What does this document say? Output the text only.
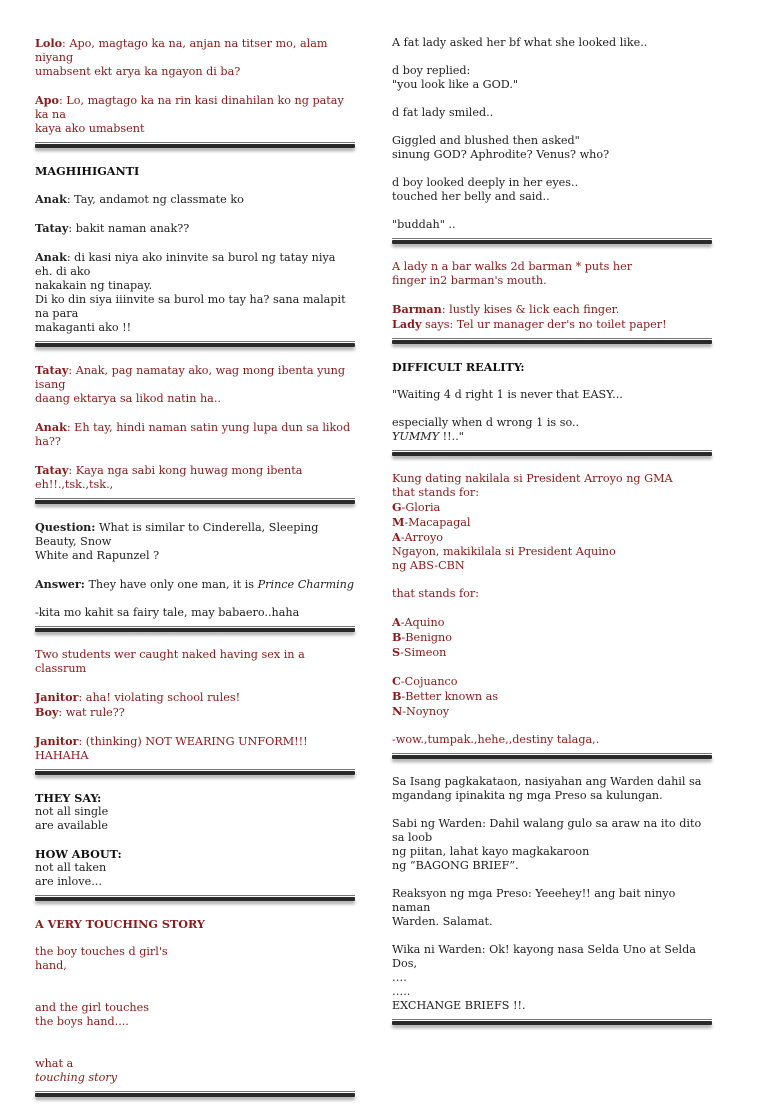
Lolo: Apo, magtago ka na, anjan na titser mo, alam niyang
umabsent ekt arya ka ngayon di ba?
Apo: Lo, magtago ka na rin kasi dinahilan ko ng patay ka na
kaya ako umabsent
MAGHIHIGANTI
Anak: Tay, andamot ng classmate ko
Tatay: bakit naman anak??
Anak: di kasi niya ako ininvite sa burol ng tatay niya eh. di ako
nakakain ng tinapay.
Di ko din siya iiinvite sa burol mo tay ha? sana malapit na para
makaganti ako !!
Tatay: Anak, pag namatay ako, wag mong ibenta yung isang
daang ektarya sa likod natin ha..
Anak: Eh tay, hindi naman satin yung lupa dun sa likod ha??
Tatay: Kaya nga sabi kong huwag mong ibenta eh!!.,tsk.,tsk.,
Question: What is similar to Cinderella, Sleeping Beauty, Snow
White and Rapunzel ?
Answer: They have only one man, it is Prince Charming
-kita mo kahit sa fairy tale, may babaero..haha
Two students wer caught naked having sex in a classrum
Janitor: aha! violating school rules!
Boy: wat rule??
Janitor: (thinking) NOT WEARING UNFORM!!! HAHAHA
THEY SAY:
not all single
are available
HOW ABOUT:
not all taken
are inlove...
A VERY TOUCHING STORY
the boy touches d girl's
hand,
and the girl touches
the boys hand....
what a
touching story
A fat lady asked her bf what she looked like..
d boy replied:
"you look like a GOD."
d fat lady smiled..
Giggled and blushed then asked"
sinung GOD? Aphrodite? Venus? who?
d boy looked deeply in her eyes..
touched her belly and said..
"buddah" ..
A lady n a bar walks 2d barman * puts her
finger in2 barman's mouth.
Barman: lustly kises & lick each finger.
Lady says: Tel ur manager der's no toilet paper!
DIFFICULT REALITY:
"Waiting 4 d right 1 is never that EASY...
especially when d wrong 1 is so..
YUMMY !!.."
Kung dating nakilala si President Arroyo ng GMA
that stands for:
G-Gloria
M-Macapagal
A-Arroyo
Ngayon, makikilala si President Aquino
ng ABS-CBN
that stands for:
A-Aquino
B-Benigno
S-Simeon
C-Cojuanco
B-Better known as
N-Noynoy
-wow.,tumpak.,hehe,,destiny talaga,.
Sa Isang pagkakataon, nasiyahan ang Warden dahil sa
mgandang ipinakita ng mga Preso sa kulungan.
Sabi ng Warden: Dahil walang gulo sa araw na ito dito sa loob
ng piitan, lahat kayo magkakaroon
ng “BAGONG BRIEF”.
Reaksyon ng mga Preso: Yeeehey!! ang bait ninyo naman
Warden. Salamat.
Wika ni Warden: Ok! kayong nasa Selda Uno at Selda Dos,
….
…..
EXCHANGE BRIEFS !!.
